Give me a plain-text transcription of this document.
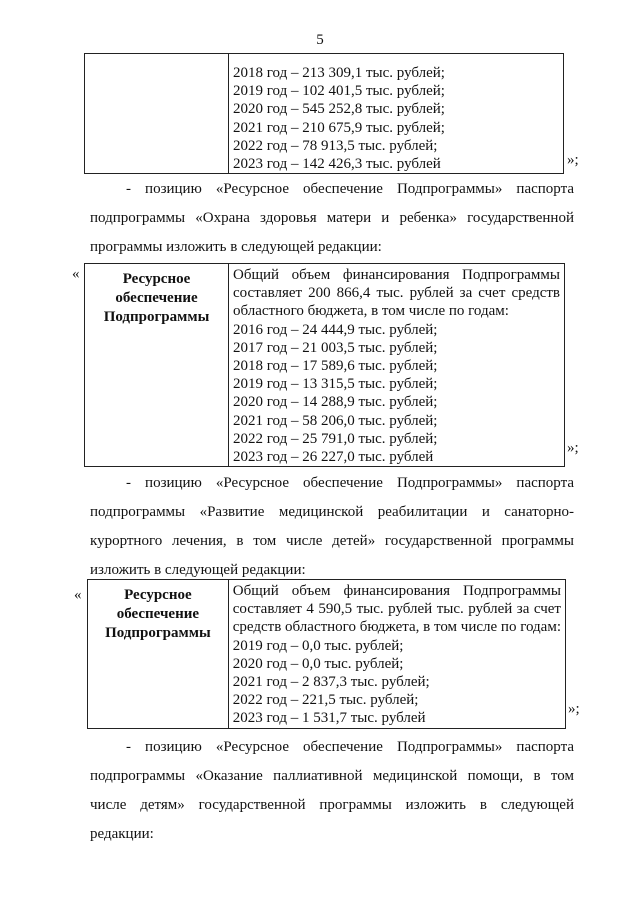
5

2018 год – 213 309,1 тыс. рублей;
2019 год – 102 401,5 тыс. рублей;
2020 год – 545 252,8 тыс. рублей;
2021 год – 210 675,9 тыс. рублей;
2022 год – 78 913,5 тыс. рублей;
2023 год – 142 426,3 тыс. рублей	»;
- позицию «Ресурсное обеспечение Подпрограммы» паспорта
подпрограммы «Охрана здоровья матери и ребенка» государственной
программы изложить в следующей редакции:
«	Ресурсное
обеспечение
Подпрограммы

Общий объем финансирования Подпрограммы
составляет 200 866,4 тыс. рублей за счет средств
областного бюджета, в том числе по годам:
2016 год – 24 444,9 тыс. рублей;
2017 год – 21 003,5 тыс. рублей;
2018 год – 17 589,6 тыс. рублей;
2019 год – 13 315,5 тыс. рублей;
2020 год – 14 288,9 тыс. рублей;
2021 год – 58 206,0 тыс. рублей;
2022 год – 25 791,0 тыс. рублей;
2023 год – 26 227,0 тыс. рублей
»;
- позицию «Ресурсное обеспечение Подпрограммы» паспорта
подпрограммы «Развитие медицинской реабилитации и санаторно-
курортного лечения, в том числе детей» государственной программы
изложить в следующей редакции:
«	Ресурсное
обеспечение
Подпрограммы

Общий объем финансирования Подпрограммы
составляет 4 590,5 тыс. рублей тыс. рублей за счет
средств областного бюджета, в том числе по годам:
2019 год – 0,0 тыс. рублей;
2020 год – 0,0 тыс. рублей;
2021 год – 2 837,3 тыс. рублей;
2022 год – 221,5 тыс. рублей;
2023 год – 1 531,7 тыс. рублей
»;
- позицию «Ресурсное обеспечение Подпрограммы» паспорта
подпрограммы «Оказание паллиативной медицинской помощи, в том
числе детям» государственной программы изложить в следующей
редакции:
